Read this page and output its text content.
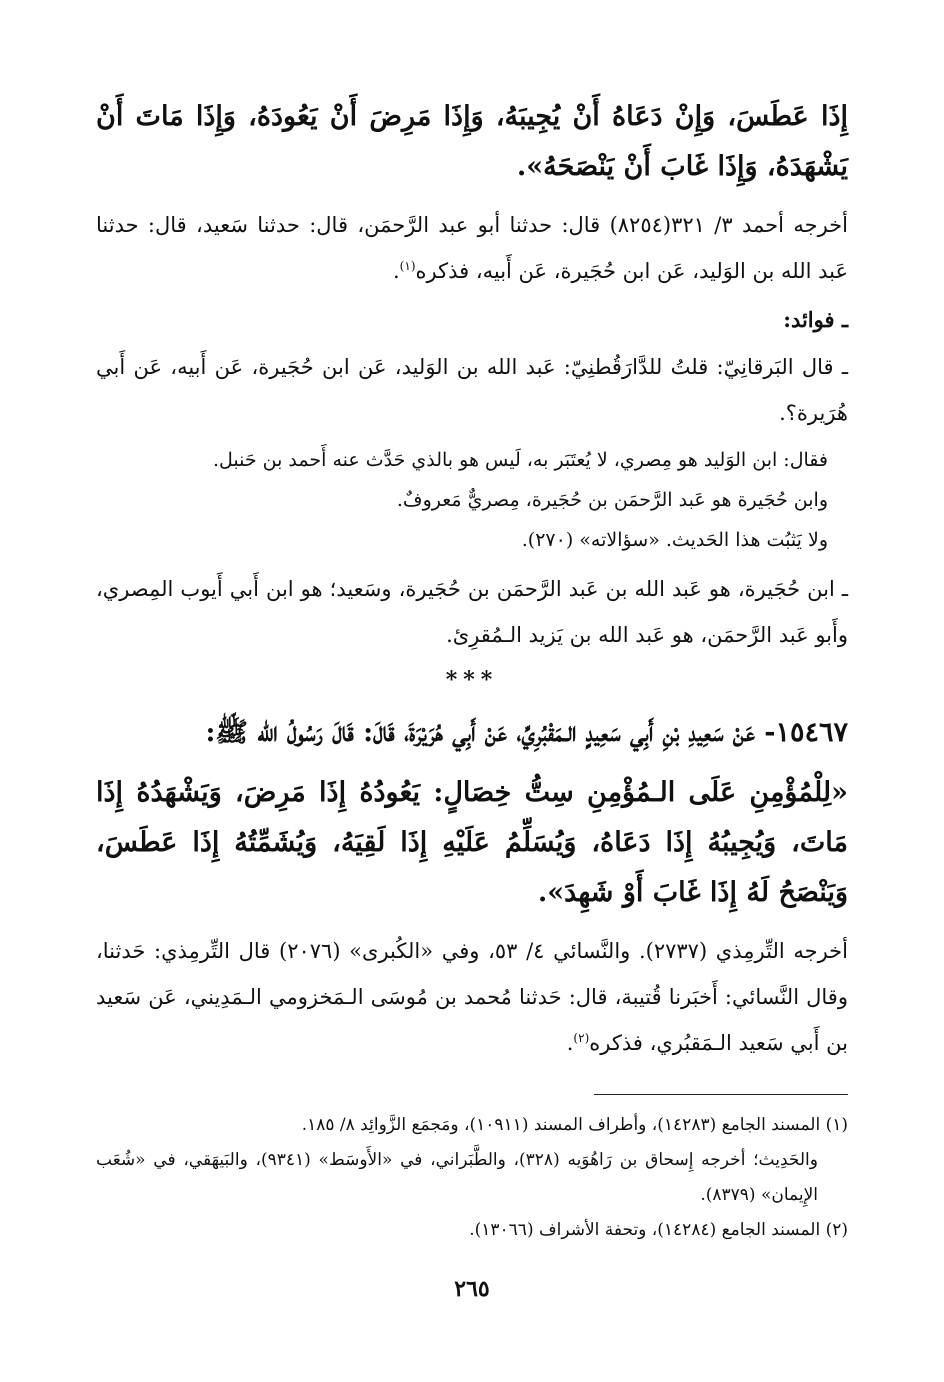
إِذَا عَطَسَ، وَإِنْ دَعَاهُ أَنْ يُجِيبَهُ، وَإِذَا مَرِضَ أَنْ يَعُودَهُ، وَإِذَا مَاتَ أَنْ يَشْهَدَهُ، وَإِذَا غَابَ أَنْ يَنْصَحَهُ».

أخرجه أحمد ٣/ ٣٢١(٨٢٥٤) قال: حدثنا أبو عبد الرَّحمَن، قال: حدثنا سَعيد، قال: حدثنا عَبد الله بن الوَليد، عَن ابن حُجَيرة، عَن أَبيه، فذكره$^{(١)}$.

ـ فوائد:

ـ قال البَرقانِيّ: قلتُ للدَّارَقُطنِيّ: عَبد الله بن الوَليد، عَن ابن حُجَيرة، عَن أَبيه، عَن أَبي هُرَيرة؟.

فقال: ابن الوَليد هو مِصري، لا يُعتَبَر به، لَيس هو بالذي حَدَّث عنه أَحمد بن حَنبل.

وابن حُجَيرة هو عَبد الرَّحمَن بن حُجَيرة، مِصريٌّ مَعروفٌ.

ولا يَثبُت هذا الحَديث. «سؤالاته» (٢٧٠).

ـ ابن حُجَيرة، هو عَبد الله بن عَبد الرَّحمَن بن حُجَيرة، وسَعيد؛ هو ابن أَبي أَيوب المِصري، وأَبو عَبد الرَّحمَن، هو عَبد الله بن يَزيد الـمُقرِئ.

***

١٥٤٦٧- عَنْ سَعِيدِ بْنِ أَبِي سَعِيدٍ الـمَقْبُرِيِّ، عَنْ أَبِي هُرَيْرَةَ، قَالَ: قَالَ رَسُولُ الله ﷺ:

«لِلْمُؤْمِنِ عَلَى الـمُؤْمِنِ سِتُّ خِصَالٍ: يَعُودُهُ إِذَا مَرِضَ، وَيَشْهَدُهُ إِذَا مَاتَ، وَيُجِيبُهُ إِذَا دَعَاهُ، وَيُسَلِّمُ عَلَيْهِ إِذَا لَقِيَهُ، وَيُشَمِّتُهُ إِذَا عَطَسَ، وَيَنْصَحُ لَهُ إِذَا غَابَ أَوْ شَهِدَ».

أخرجه التِّرمِذي (٢٧٣٧). والنَّسائي ٤/ ٥٣، وفي «الكُبرى» (٢٠٧٦) قال التِّرمِذي: حَدثنا، وقال النَّسائي: أَخبَرنا قُتيبة، قال: حَدثنا مُحمد بن مُوسَى الـمَخزومي الـمَدِيني، عَن سَعيد بن أَبي سَعيد الـمَقبُري، فذكره$^{(٢)}$.

(١) المسند الجامع (١٤٢٨٣)، وأطراف المسند (١٠٩١١)، ومَجمَع الزَّوائِد ٨/ ١٨٥.

والحَدِيث؛ أخرجه إِسحاق بن رَاهُوَيه (٣٢٨)، والطَّبَراني، في «الأَوسَط» (٩٣٤١)، والبَيهَقي، في «شُعَب الإِيمان» (٨٣٧٩).

(٢) المسند الجامع (١٤٢٨٤)، وتحفة الأشراف (١٣٠٦٦).

٢٦٥
